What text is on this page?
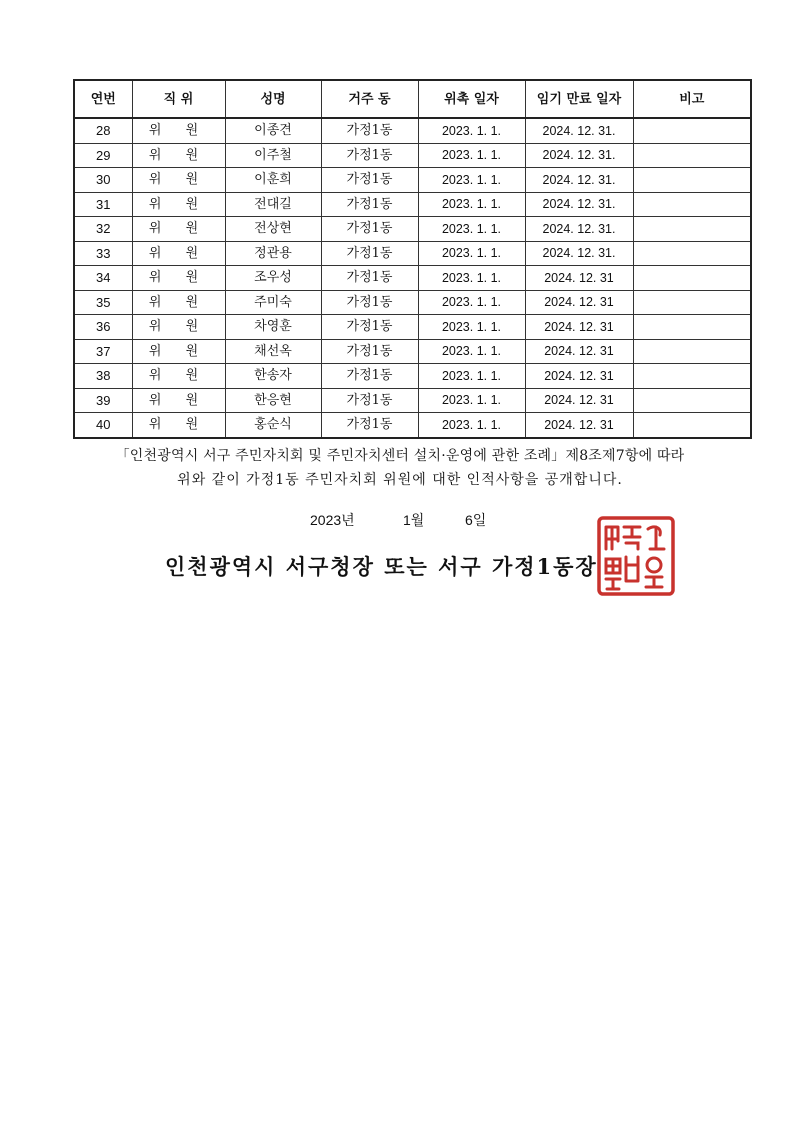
연번	직 위	성명	거주 동	위촉 일자	임기 만료 일자	비고
28	위 원	이종견	가정1동	2023. 1. 1.	2024. 12. 31.	
29	위 원	이주철	가정1동	2023. 1. 1.	2024. 12. 31.	
30	위 원	이훈희	가정1동	2023. 1. 1.	2024. 12. 31.	
31	위 원	전대길	가정1동	2023. 1. 1.	2024. 12. 31.	
32	위 원	전상현	가정1동	2023. 1. 1.	2024. 12. 31.	
33	위 원	정관용	가정1동	2023. 1. 1.	2024. 12. 31.	
34	위 원	조우성	가정1동	2023. 1. 1.	2024. 12. 31	
35	위 원	주미숙	가정1동	2023. 1. 1.	2024. 12. 31	
36	위 원	차영훈	가정1동	2023. 1. 1.	2024. 12. 31	
37	위 원	채선옥	가정1동	2023. 1. 1.	2024. 12. 31	
38	위 원	한송자	가정1동	2023. 1. 1.	2024. 12. 31	
39	위 원	한응현	가정1동	2023. 1. 1.	2024. 12. 31	
40	위 원	홍순식	가정1동	2023. 1. 1.	2024. 12. 31	
「인천광역시 서구 주민자치회 및 주민자치센터 설치·운영에 관한 조례」제8조제7항에 따라
위와 같이 가정1동 주민자치회 위원에 대한 인적사항을 공개합니다.
2023년	1월	6일
인천광역시 서구청장 또는 서구 가정1동장
